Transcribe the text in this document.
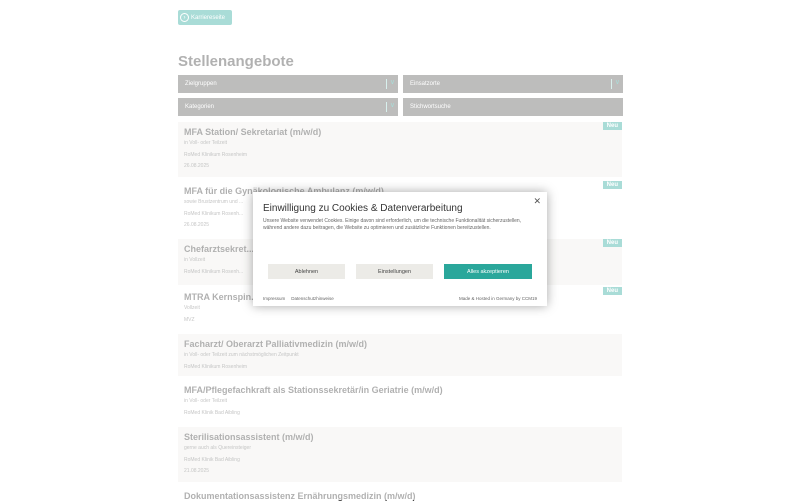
✕
Einwilligung zu Cookies & Datenverarbeitung
Unsere Website verwendet Cookies. Einige davon sind erforderlich, um die technische Funktionalität sicherzustellen, während andere dazu beitragen, die Website zu optimieren und zusätzliche Funktionen bereitzustellen.
Ablehnen	Einstellungen	Alles akzeptieren
Impressum Datenschutzhinweise	Made & Hosted in Germany by CCM19
